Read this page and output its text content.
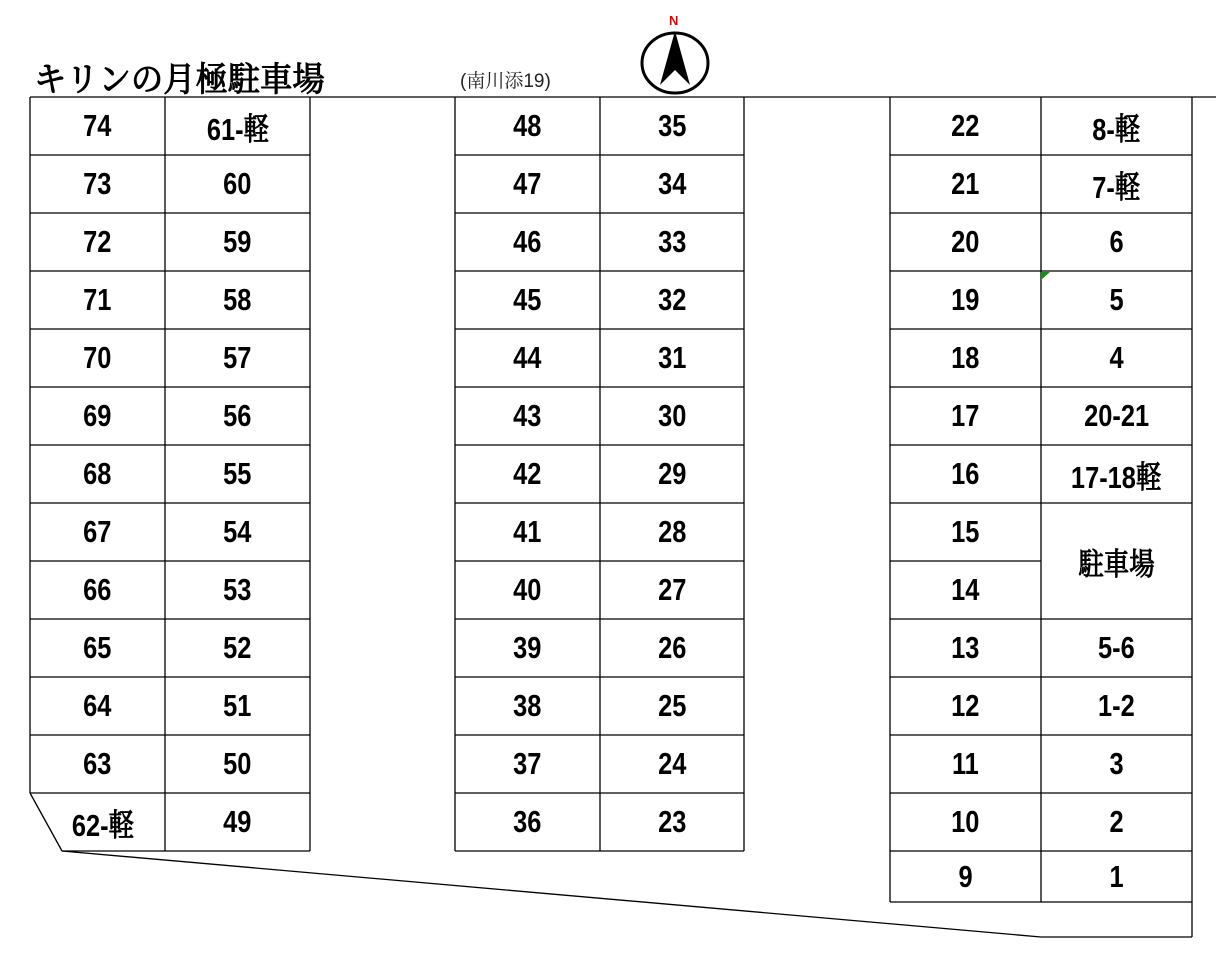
キリンの月極駐車場	(南川添19)
N
74
73
72
71
70
69
68
67
66
65
64
63
62-軽
61-軽
60
59
58
57
56
55
54
53
52
51
50
49
48
47
46
45
44
43
42
41
40
39
38
37
36
35
34
33
32
31
30
29
28
27
26
25
24
23
22
21
20
19
18
17
16
15
14
13
12
11
10
9
8-軽
7-軽
6
5
4
20-21
17-18軽
駐車場
5-6
1-2
3
2
1
